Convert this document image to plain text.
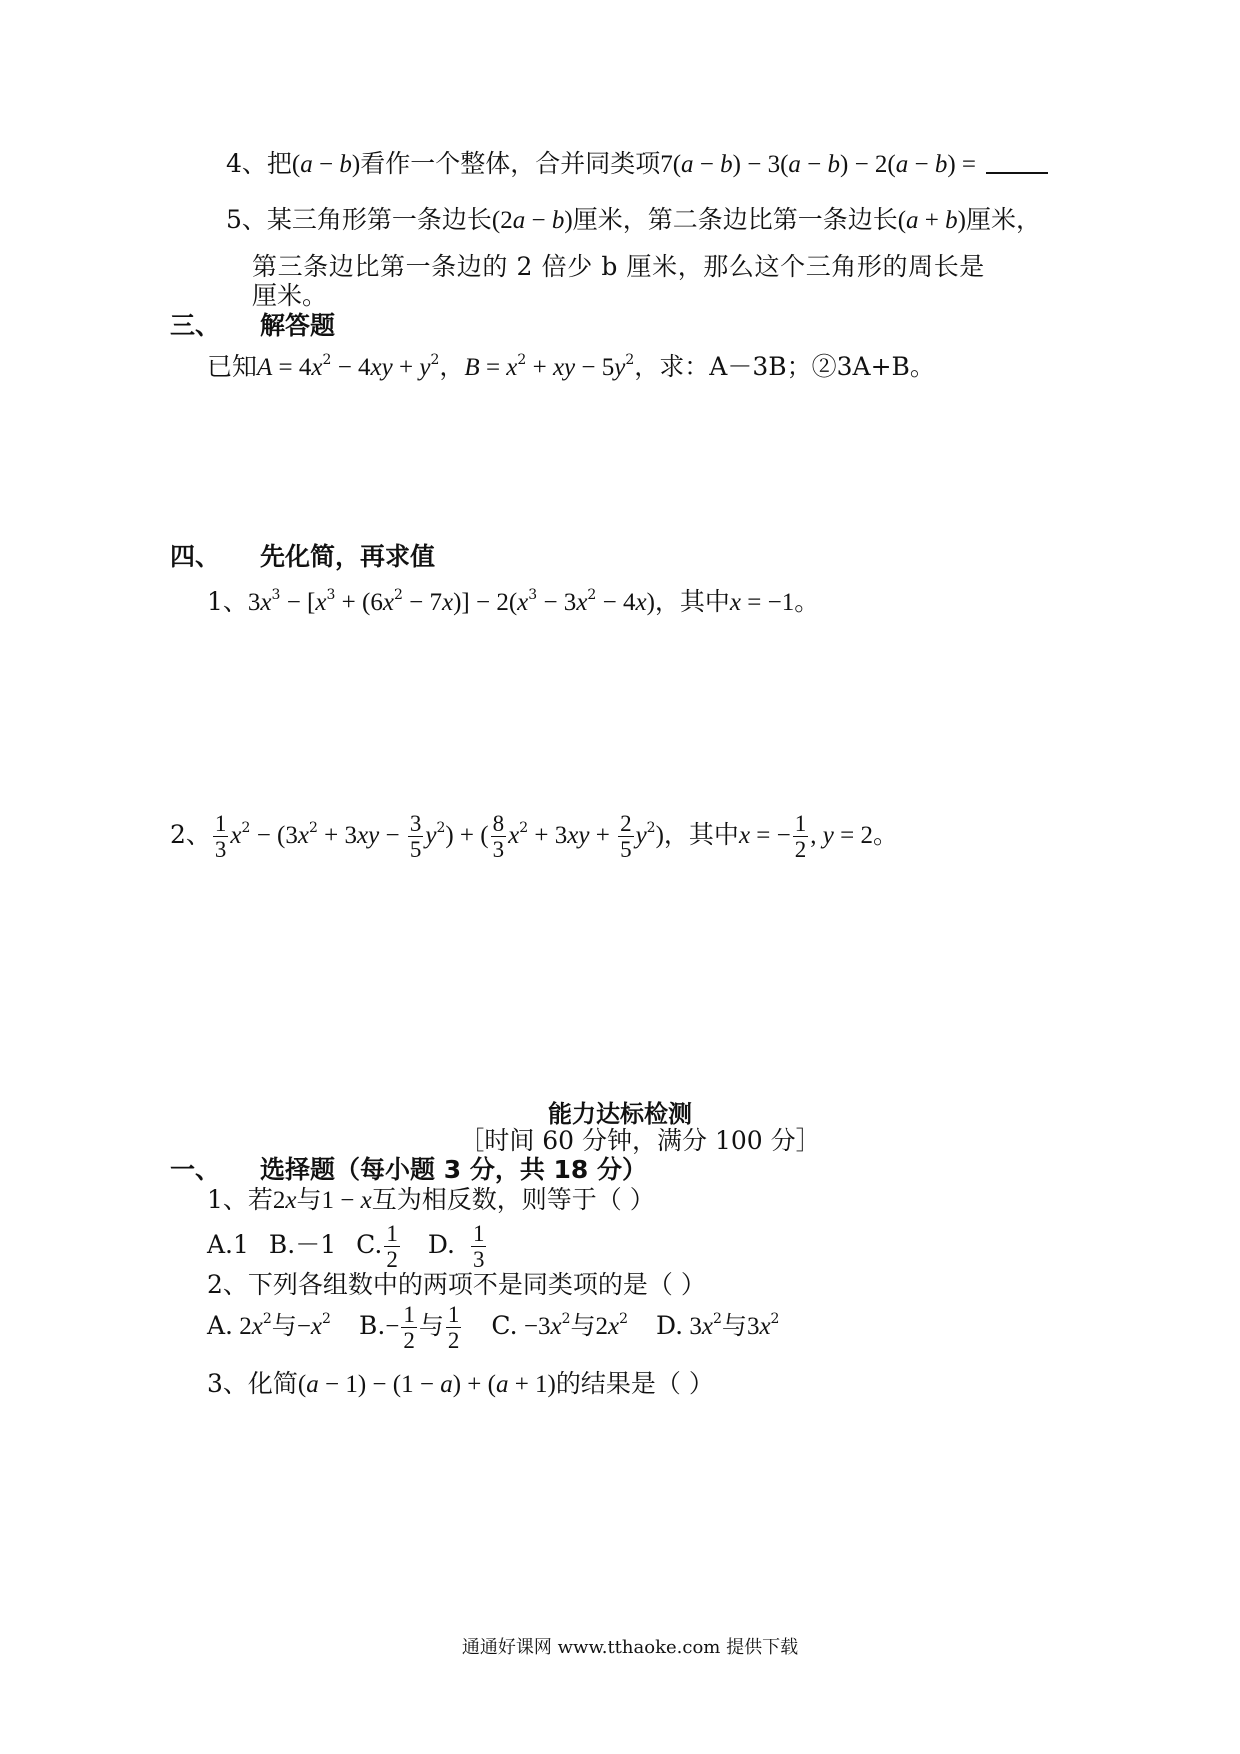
4、把(a − b)看作一个整体，合并同类项7(a − b) − 3(a − b) − 2(a − b) =
5、某三角形第一条边长(2a − b)厘米，第二条边比第一条边长(a + b)厘米，
第三条边比第一条边的 2 倍少 b 厘米，那么这个三角形的周长是
厘米。
三、 解答题
已知$A = 4x^2 - 4xy + y^2$，$B = x^2$ + xy − $5y^2$，求：A－3B；②3A+B。
四、 先化简，再求值
1、$3x^3 - [x^3 + (6x^2 - 7x)] - 2(x^3 - 3x^2 - 4x)$，其中x = −1。
2、 $\frac{1}{3} x^2 - (3x^2 + 3xy - \frac{3}{5} y^2)$ + ( $\frac{8}{3} x^2 + 3xy + \frac{2}{5} y^2$)，其中x = − $\frac{1}{2}$ , y = 2。
能力达标检测
［时间 60 分钟，满分 100 分］
一、 选择题（每小题 3 分，共 18 分）
1、若2x与1 − x互为相反数，则等于（ ）
A.1 B.－1 C. $\frac{1}{2} D$. $\frac{1}{3}$
2、下列各组数中的两项不是同类项的是（ ）
A. $2x^2$与$-x^2$ $B.- \frac{1}{2}$ 与 $\frac{1}{2} C$. $-3x^2$与$2x^2$ D. $3x^2$与$3x^2$
3、化简(a − 1) − (1 − a) + (a + 1)的结果是（ ）
通通好课网 www.tthaoke.com 提供下载
